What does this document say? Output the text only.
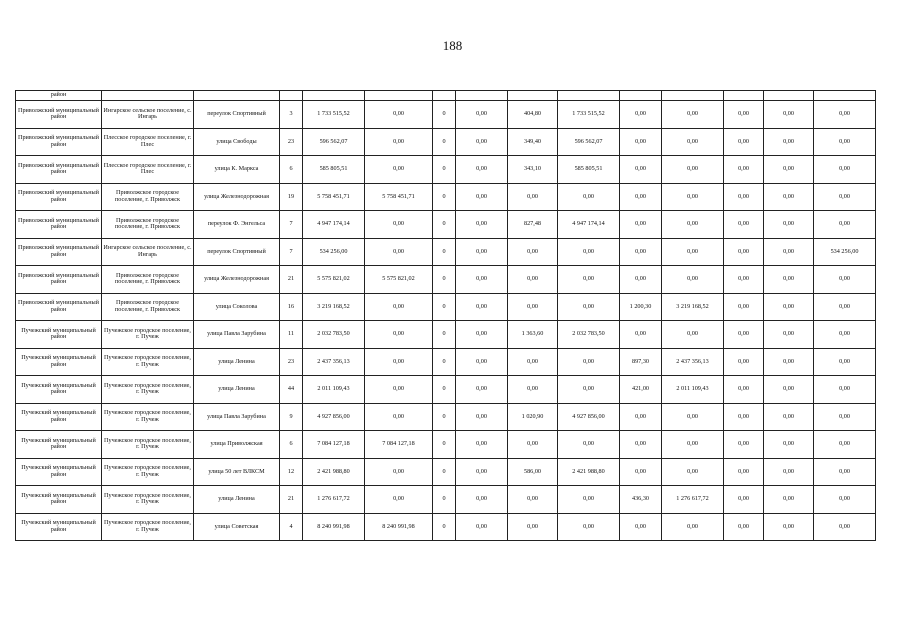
188
район														
Приволжский муниципальный район	Ингарское сельское поселение, с. Ингарь	переулок Спортивный	3	1 733 515,52	0,00	0	0,00	404,80	1 733 515,52	0,00	0,00	0,00	0,00	0,00
Приволжский муниципальный район	Плесское городское поселение, г. Плес	улица Свободы	23	596 562,07	0,00	0	0,00	349,40	596 562,07	0,00	0,00	0,00	0,00	0,00
Приволжский муниципальный район	Плесское городское поселение, г. Плес	улица К. Маркса	6	585 805,51	0,00	0	0,00	343,10	585 805,51	0,00	0,00	0,00	0,00	0,00
Приволжский муниципальный район	Приволжское городское поселение, г. Приволжск	улица Железнодорожная	19	5 758 451,71	5 758 451,71	0	0,00	0,00	0,00	0,00	0,00	0,00	0,00	0,00
Приволжский муниципальный район	Приволжское городское поселение, г. Приволжск	переулок Ф. Энгельса	7	4 947 174,14	0,00	0	0,00	827,48	4 947 174,14	0,00	0,00	0,00	0,00	0,00
Приволжский муниципальный район	Ингарское сельское поселение, с. Ингарь	переулок Спортивный	7	534 256,00	0,00	0	0,00	0,00	0,00	0,00	0,00	0,00	0,00	534 256,00
Приволжский муниципальный район	Приволжское городское поселение, г. Приволжск	улица Железнодорожная	21	5 575 821,02	5 575 821,02	0	0,00	0,00	0,00	0,00	0,00	0,00	0,00	0,00
Приволжский муниципальный район	Приволжское городское поселение, г. Приволжск	улица Соколова	16	3 219 168,52	0,00	0	0,00	0,00	0,00	1 200,30	3 219 168,52	0,00	0,00	0,00
Пучежский муниципальный район	Пучежское городское поселение, г. Пучеж	улица Павла Зарубина	11	2 032 783,50	0,00	0	0,00	1 363,60	2 032 783,50	0,00	0,00	0,00	0,00	0,00
Пучежский муниципальный район	Пучежское городское поселение, г. Пучеж	улица Ленина	23	2 437 356,13	0,00	0	0,00	0,00	0,00	897,30	2 437 356,13	0,00	0,00	0,00
Пучежский муниципальный район	Пучежское городское поселение, г. Пучеж	улица Ленина	44	2 011 109,43	0,00	0	0,00	0,00	0,00	421,00	2 011 109,43	0,00	0,00	0,00
Пучежский муниципальный район	Пучежское городское поселение, г. Пучеж	улица Павла Зарубина	9	4 927 856,00	0,00	0	0,00	1 020,90	4 927 856,00	0,00	0,00	0,00	0,00	0,00
Пучежский муниципальный район	Пучежское городское поселение, г. Пучеж	улица Приволжская	6	7 084 127,18	7 084 127,18	0	0,00	0,00	0,00	0,00	0,00	0,00	0,00	0,00
Пучежский муниципальный район	Пучежское городское поселение, г. Пучеж	улица 50 лет ВЛКСМ	12	2 421 988,80	0,00	0	0,00	586,00	2 421 988,80	0,00	0,00	0,00	0,00	0,00
Пучежский муниципальный район	Пучежское городское поселение, г. Пучеж	улица Ленина	21	1 276 617,72	0,00	0	0,00	0,00	0,00	436,30	1 276 617,72	0,00	0,00	0,00
Пучежский муниципальный район	Пучежское городское поселение, г. Пучеж	улица Советская	4	8 240 991,98	8 240 991,98	0	0,00	0,00	0,00	0,00	0,00	0,00	0,00	0,00
